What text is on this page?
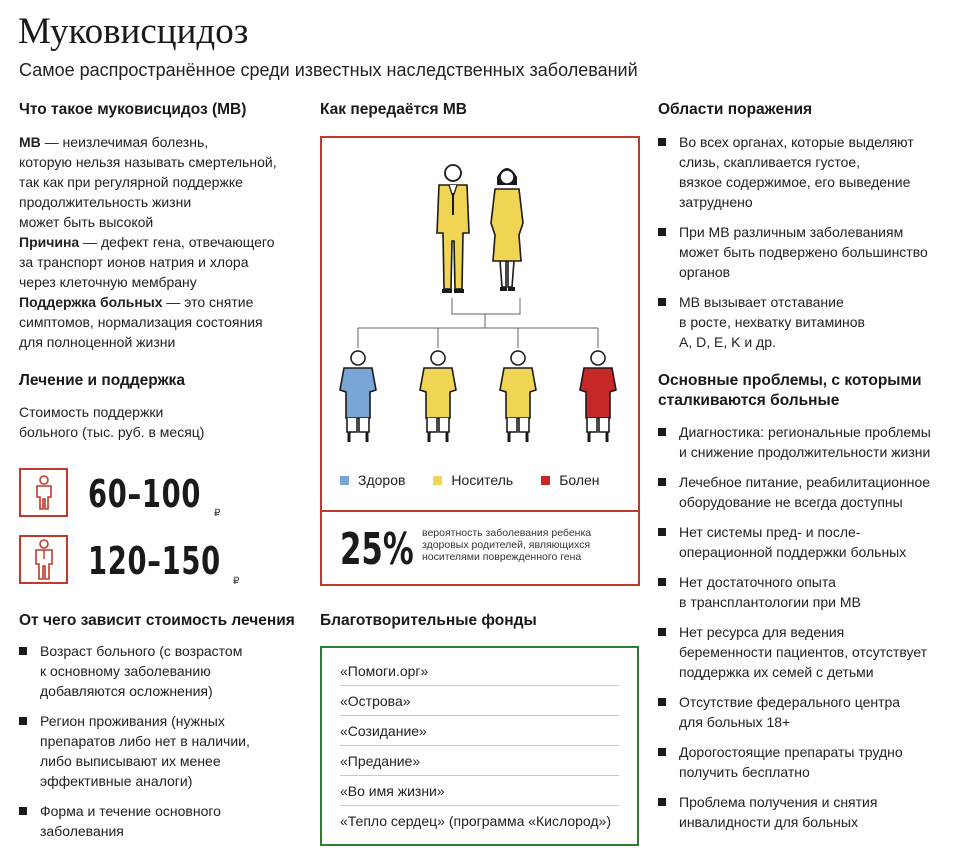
Муковисцидоз
Самое распространённое среди известных наследственных заболеваний
Что такое муковисцидоз (МВ)
МВ — неизлечимая болезнь,
которую нельзя называть смертельной,
так как при регулярной поддержке
продолжительность жизни
может быть высокой
Причина — дефект гена, отвечающего
за транспорт ионов натрия и хлора
через клеточную мембрану
Поддержка больных — это снятие
симптомов, нормализация состояния
для полноценной жизни
Лечение и поддержка
Стоимость поддержки
больного (тыс. руб. в месяц)
60–100 ₽
120–150 ₽
От чего зависит стоимость лечения
Возраст больного (с возрастом
к основному заболеванию
добавляются осложнения)
Регион проживания (нужных
препаратов либо нет в наличии,
либо выписывают их менее
эффективные аналоги)
Форма и течение основного
заболевания
Как передаётся МВ
Здоров	Носитель	Болен
25% вероятность заболевания ребенка здоровых родителей, являющихся носителями поврежденного гена
Благотворительные фонды
«Помоги.орг»
«Острова»
«Созидание»
«Предание»
«Во имя жизни»
«Тепло сердец» (программа «Кислород»)
Области поражения
Во всех органах, которые выделяют
слизь, скапливается густое,
вязкое содержимое, его выведение
затруднено
При МВ различным заболеваниям
может быть подвержено большинство
органов
МВ вызывает отставание
в росте, нехватку витаминов
A, D, E, K и др.
Основные проблемы, с которыми
сталкиваются больные
Диагностика: региональные проблемы
и снижение продолжительности жизни
Лечебное питание, реабилитационное
оборудование не всегда доступны
Нет системы пред- и после-
операционной поддержки больных
Нет достаточного опыта
в трансплантологии при МВ
Нет ресурса для ведения
беременности пациентов, отсутствует
поддержка их семей с детьми
Отсутствие федерального центра
для больных 18+
Дорогостоящие препараты трудно
получить бесплатно
Проблема получения и снятия
инвалидности для больных
